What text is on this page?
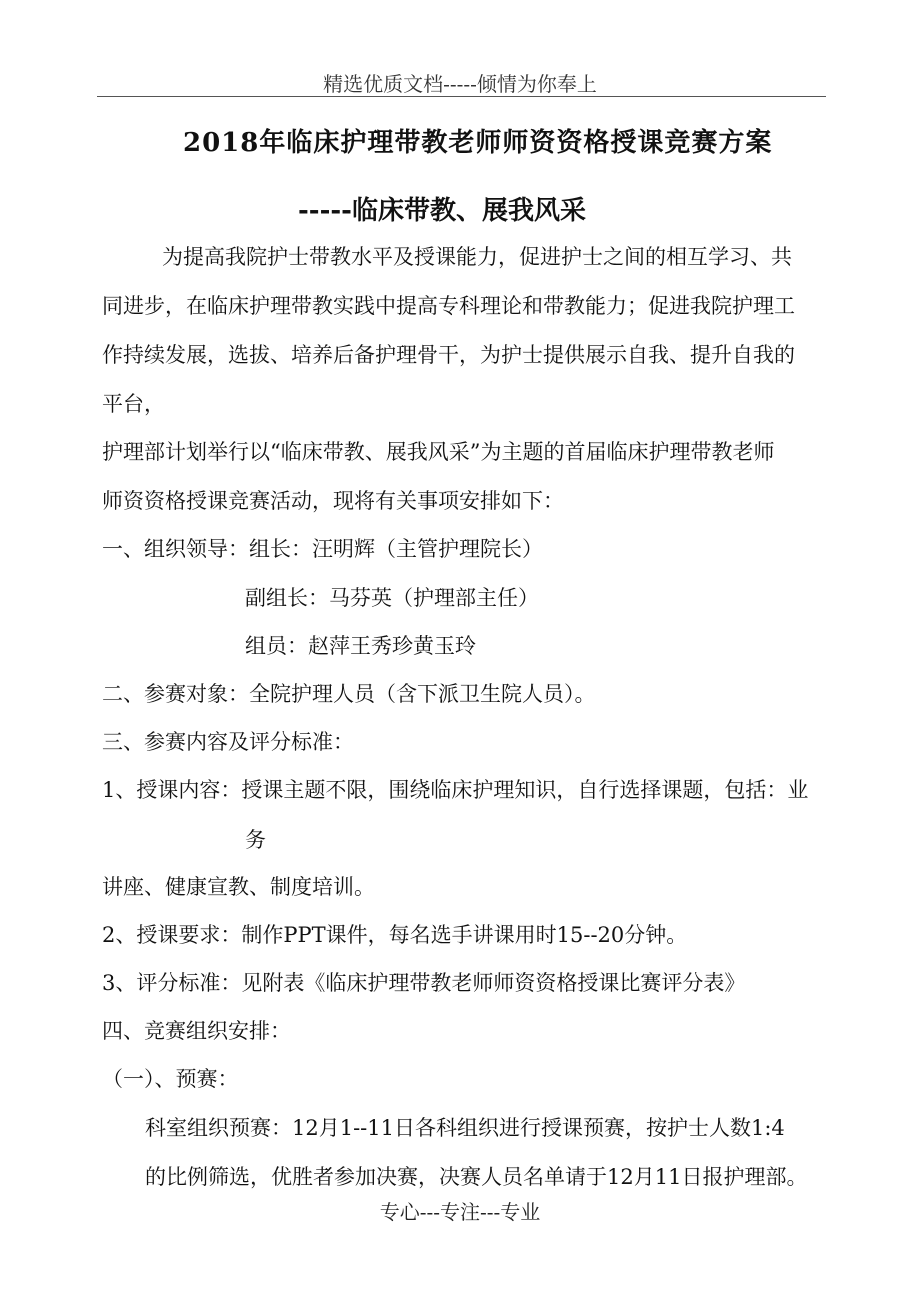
精选优质文档-----倾情为你奉上
2018年临床护理带教老师师资资格授课竞赛方案
-----临床带教、展我风采
为提高我院护士带教水平及授课能力，促进护士之间的相互学习、共
同进步，在临床护理带教实践中提高专科理论和带教能力；促进我院护理工
作持续发展，选拔、培养后备护理骨干，为护士提供展示自我、提升自我的
平台，
护理部计划举行以“临床带教、展我风采”为主题的首届临床护理带教老师
师资资格授课竞赛活动，现将有关事项安排如下：
一、组织领导：组长：汪明辉（主管护理院长）
副组长：马芬英（护理部主任）
组员：赵萍王秀珍黄玉玲
二、参赛对象：全院护理人员（含下派卫生院人员）。
三、参赛内容及评分标准：
1、授课内容：授课主题不限，围绕临床护理知识，自行选择课题，包括：业
务
讲座、健康宣教、制度培训。
2、授课要求：制作PPT课件，每名选手讲课用时15--20分钟。
3、评分标准：见附表《临床护理带教老师师资资格授课比赛评分表》
四、竞赛组织安排：
（一）、预赛：
科室组织预赛：12月1--11日各科组织进行授课预赛，按护士人数1:4
的比例筛选，优胜者参加决赛，决赛人员名单请于12月11日报护理部。
专心---专注---专业
